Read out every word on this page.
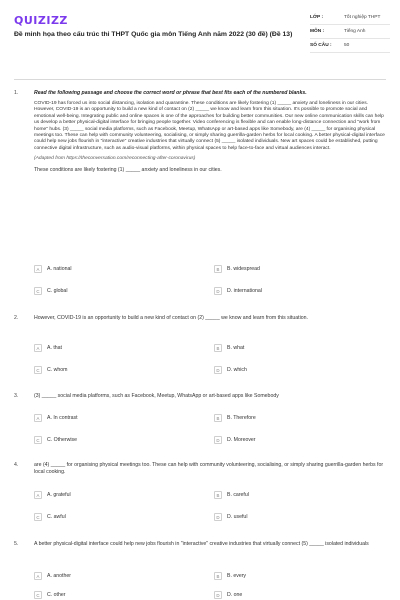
QUIZIZZ
Đề minh họa theo cấu trúc thi THPT Quốc gia môn Tiếng Anh năm 2022 (30 đề) (Đề 13)
LỚP :	Tốt nghiệp THPT
MÔN :	Tiếng Anh
SỐ CÂU :	50
1.	Read the following passage and choose the correct word or phrase that best fits each of the numbered blanks.

COVID-19 has forced us into social distancing, isolation and quarantine. These conditions are likely fostering (1) _____ anxiety and loneliness in our cities. However, COVID-19 is an opportunity to build a new kind of contact on (2) _____ we know and learn from this situation. It's possible to promote social and emotional well-being. Integrating public and online spaces is one of the approaches for building better communities. Our new online communication skills can help us develop a better physical-digital interface for bringing people together. Video conferencing is flexible and can enable long-distance connection and "work from home" hubs. (3) _____ social media platforms, such as Facebook, Meetup, WhatsApp or art-based apps like Somebody, are (4) _____ for organising physical meetings too. These can help with community volunteering, socialising, or simply sharing guerrilla-garden herbs for local cooking. A better physical-digital interface could help new jobs flourish in "interactive" creative industries that virtually connect (5) _____ isolated individuals. New art spaces could be established, putting connective digital infrastructure, such as audio-visual platforms, within physical spaces to help face-to-face and virtual audiences interact.

(Adapted from https://theconversation.com/reconnecting-after-coronavirus)

These conditions are likely fostering (1) _____ anxiety and loneliness in our cities.

A	A. national	B	B. widespread
C	C. global	D	D. international
2.	However, COVID-19 is an opportunity to build a new kind of contact on (2) _____ we know and learn from this situation.

A	A. that	B	B. what
C	C. whom	D	D. which
3.	(3) _____ social media platforms, such as Facebook, Meetup, WhatsApp or art-based apps like Somebody

A	A. In contrast	B	B. Therefore
C	C. Otherwise	D	D. Moreover
4.	are (4) _____ for organising physical meetings too. These can help with community volunteering, socialising, or simply sharing guerrilla-garden herbs for local cooking.

A	A. grateful	B	B. careful
C	C. awful	D	D. useful
5.	A better physical-digital interface could help new jobs flourish in "interactive" creative industries that virtually connect (5) _____ isolated individuals

A	A. another	B	B. every
C	C. other	D	D. one
